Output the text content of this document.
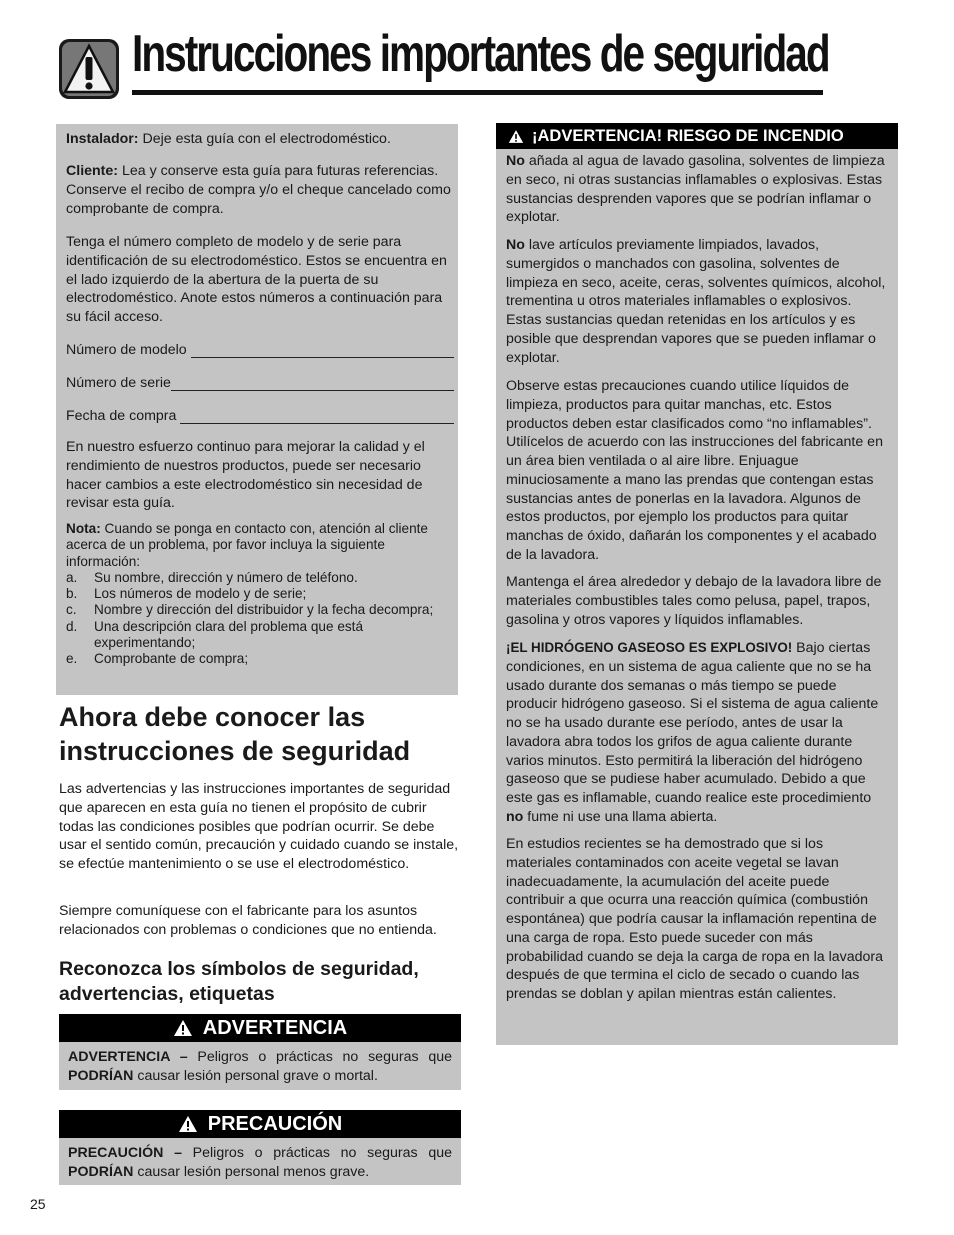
Instrucciones importantes de seguridad

Instalador: Deje esta guía con el electrodoméstico.

Cliente: Lea y conserve esta guía para futuras referencias. Conserve el recibo de compra y/o el cheque cancelado como comprobante de compra.

Tenga el número completo de modelo y de serie para identificación de su electrodoméstico. Estos se encuentra en el lado izquierdo de la abertura de la puerta de su electrodoméstico. Anote estos números a continuación para su fácil acceso.

Número de modelo
Número de serie
Fecha de compra

En nuestro esfuerzo continuo para mejorar la calidad y el rendimiento de nuestros productos, puede ser necesario hacer cambios a este electrodoméstico sin necesidad de revisar esta guía.

Nota: Cuando se ponga en contacto con, atención al cliente acerca de un problema, por favor incluya la siguiente información:
a.	Su nombre, dirección y número de teléfono.
b.	Los números de modelo y de serie;
c.	Nombre y dirección del distribuidor y la fecha decompra;
d.	Una descripción clara del problema que está experimentando;
e.	Comprobante de compra;
Ahora debe conocer las instrucciones de seguridad

Las advertencias y las instrucciones importantes de seguridad que aparecen en esta guía no tienen el propósito de cubrir todas las condiciones posibles que podrían ocurrir. Se debe usar el sentido común, precaución y cuidado cuando se instale, se efectúe mantenimiento o se use el electrodoméstico.

Siempre comuníquese con el fabricante para los asuntos relacionados con problemas o condiciones que no entienda.

Reconozca los símbolos de seguridad, advertencias, etiquetas
ADVERTENCIA
ADVERTENCIA – Peligros o prácticas no seguras que PODRÍAN causar lesión personal grave o mortal.
PRECAUCIÓN
PRECAUCIÓN – Peligros o prácticas no seguras que PODRÍAN causar lesión personal menos grave.
¡ADVERTENCIA! RIESGO DE INCENDIO

No añada al agua de lavado gasolina, solventes de limpieza en seco, ni otras sustancias inflamables o explosivas. Estas sustancias desprenden vapores que se podrían inflamar o explotar.

No lave artículos previamente limpiados, lavados, sumergidos o manchados con gasolina, solventes de limpieza en seco, aceite, ceras, solventes químicos, alcohol, trementina u otros materiales inflamables o explosivos. Estas sustancias quedan retenidas en los artículos y es posible que desprendan vapores que se pueden inflamar o explotar.

Observe estas precauciones cuando utilice líquidos de limpieza, productos para quitar manchas, etc. Estos productos deben estar clasificados como “no inflamables”. Utilícelos de acuerdo con las instrucciones del fabricante en un área bien ventilada o al aire libre. Enjuague minuciosamente a mano las prendas que contengan estas sustancias antes de ponerlas en la lavadora. Algunos de estos productos, por ejemplo los productos para quitar manchas de óxido, dañarán los componentes y el acabado de la lavadora.

Mantenga el área alrededor y debajo de la lavadora libre de materiales combustibles tales como pelusa, papel, trapos, gasolina y otros vapores y líquidos inflamables.

¡EL HIDRÓGENO GASEOSO ES EXPLOSIVO! Bajo ciertas condiciones, en un sistema de agua caliente que no se ha usado durante dos semanas o más tiempo se puede producir hidrógeno gaseoso. Si el sistema de agua caliente no se ha usado durante ese período, antes de usar la lavadora abra todos los grifos de agua caliente durante varios minutos. Esto permitirá la liberación del hidrógeno gaseoso que se pudiese haber acumulado. Debido a que este gas es inflamable, cuando realice este procedimiento no fume ni use una llama abierta.

En estudios recientes se ha demostrado que si los materiales contaminados con aceite vegetal se lavan inadecuadamente, la acumulación del aceite puede contribuir a que ocurra una reacción química (combustión espontánea) que podría causar la inflamación repentina de una carga de ropa. Esto puede suceder con más probabilidad cuando se deja la carga de ropa en la lavadora después de que termina el ciclo de secado o cuando las prendas se doblan y apilan mientras están calientes.

25
